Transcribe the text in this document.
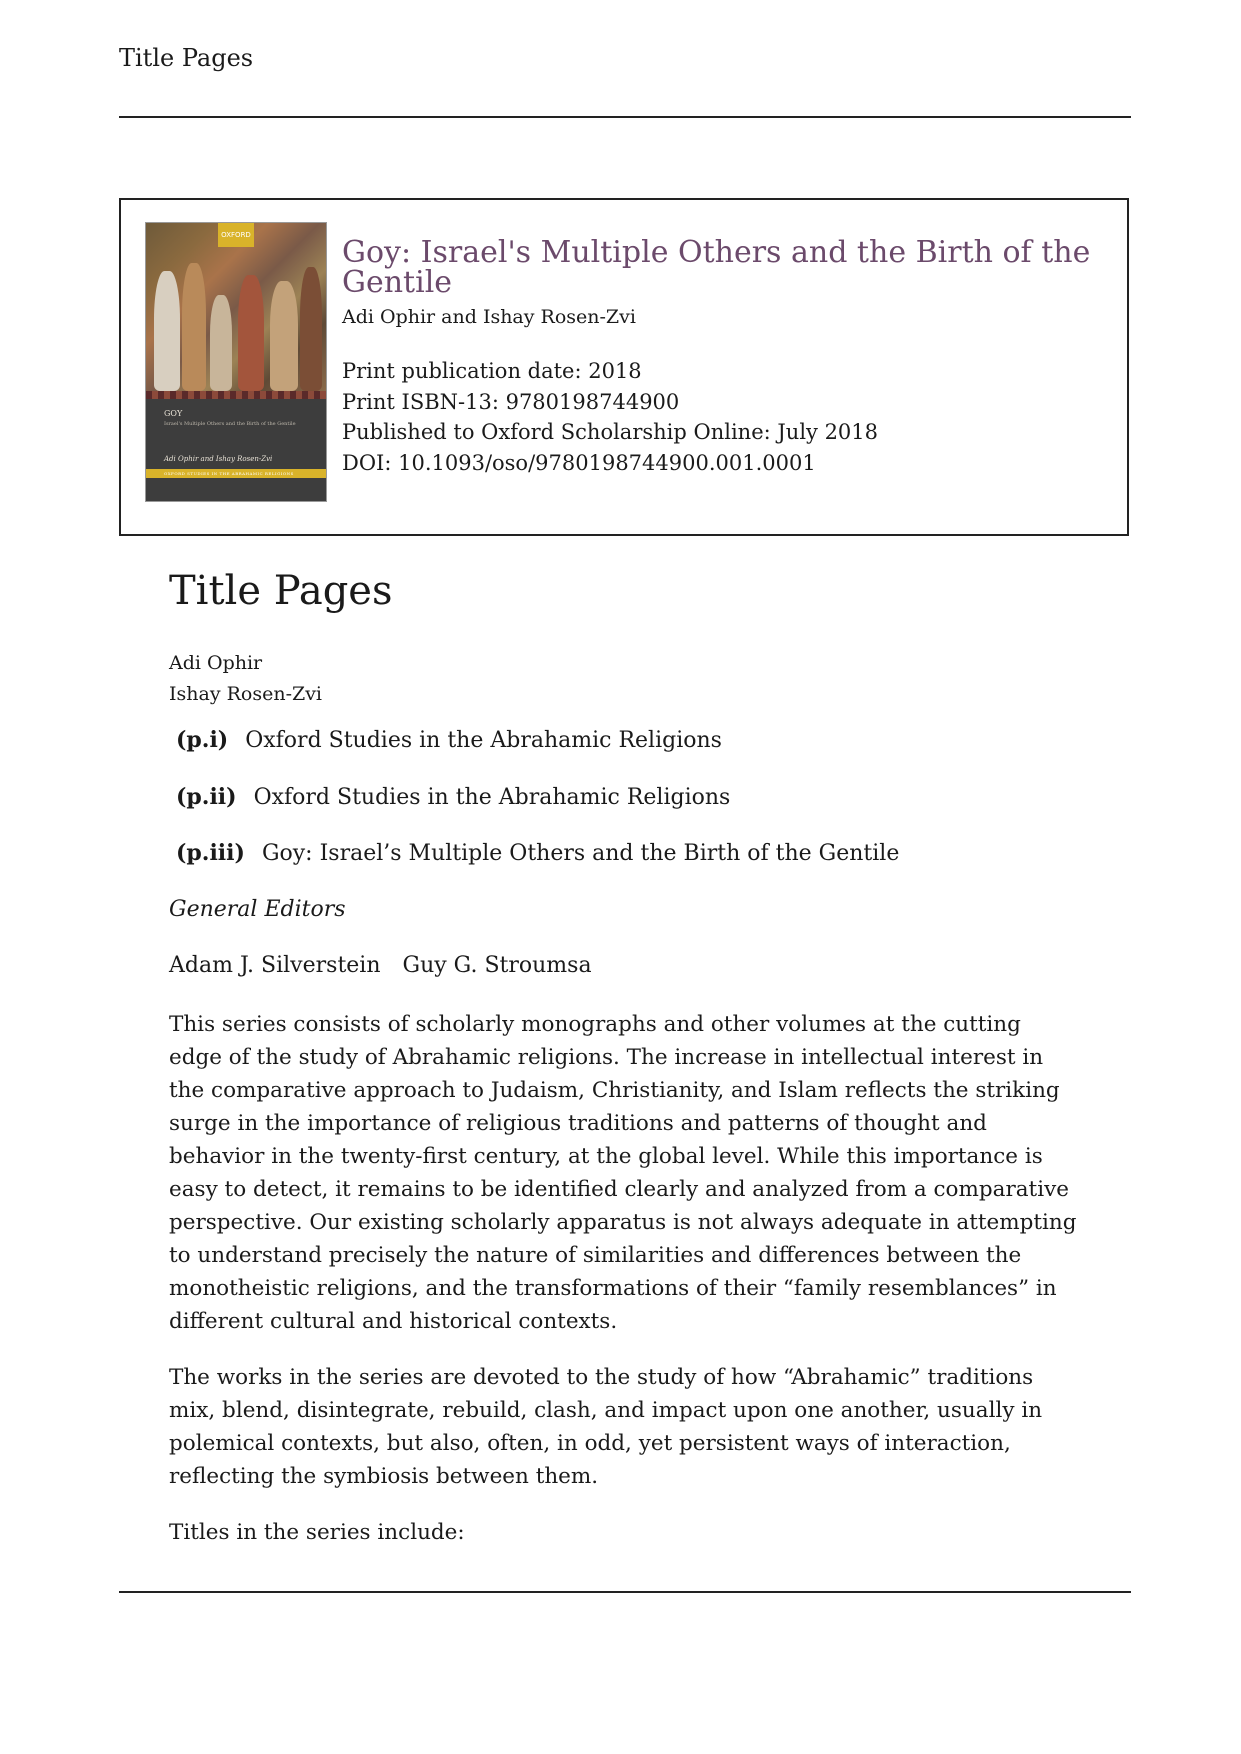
Title Pages
OXFORD
GOY
Israel's Multiple Others and the Birth of the Gentile
Adi Ophir and Ishay Rosen-Zvi
OXFORD STUDIES IN THE ABRAHAMIC RELIGIONS
Goy: Israel's Multiple Others and the Birth of the Gentile
Adi Ophir and Ishay Rosen-Zvi
Print publication date: 2018
Print ISBN-13: 9780198744900
Published to Oxford Scholarship Online: July 2018
DOI: 10.1093/oso/9780198744900.001.0001
Title Pages
Adi Ophir
Ishay Rosen-Zvi
(p.i) Oxford Studies in the Abrahamic Religions
(p.ii) Oxford Studies in the Abrahamic Religions
(p.iii) Goy: Israel’s Multiple Others and the Birth of the Gentile
General Editors
Adam J. Silverstein Guy G. Stroumsa

This series consists of scholarly monographs and other volumes at the cutting edge of the study of Abrahamic religions. The increase in intellectual interest in the comparative approach to Judaism, Christianity, and Islam reflects the striking surge in the importance of religious traditions and patterns of thought and behavior in the twenty-first century, at the global level. While this importance is easy to detect, it remains to be identified clearly and analyzed from a comparative perspective. Our existing scholarly apparatus is not always adequate in attempting to understand precisely the nature of similarities and differences between the monotheistic religions, and the transformations of their “family resemblances” in different cultural and historical contexts.

The works in the series are devoted to the study of how “Abrahamic” traditions mix, blend, disintegrate, rebuild, clash, and impact upon one another, usually in polemical contexts, but also, often, in odd, yet persistent ways of interaction, reflecting the symbiosis between them.

Titles in the series include:
